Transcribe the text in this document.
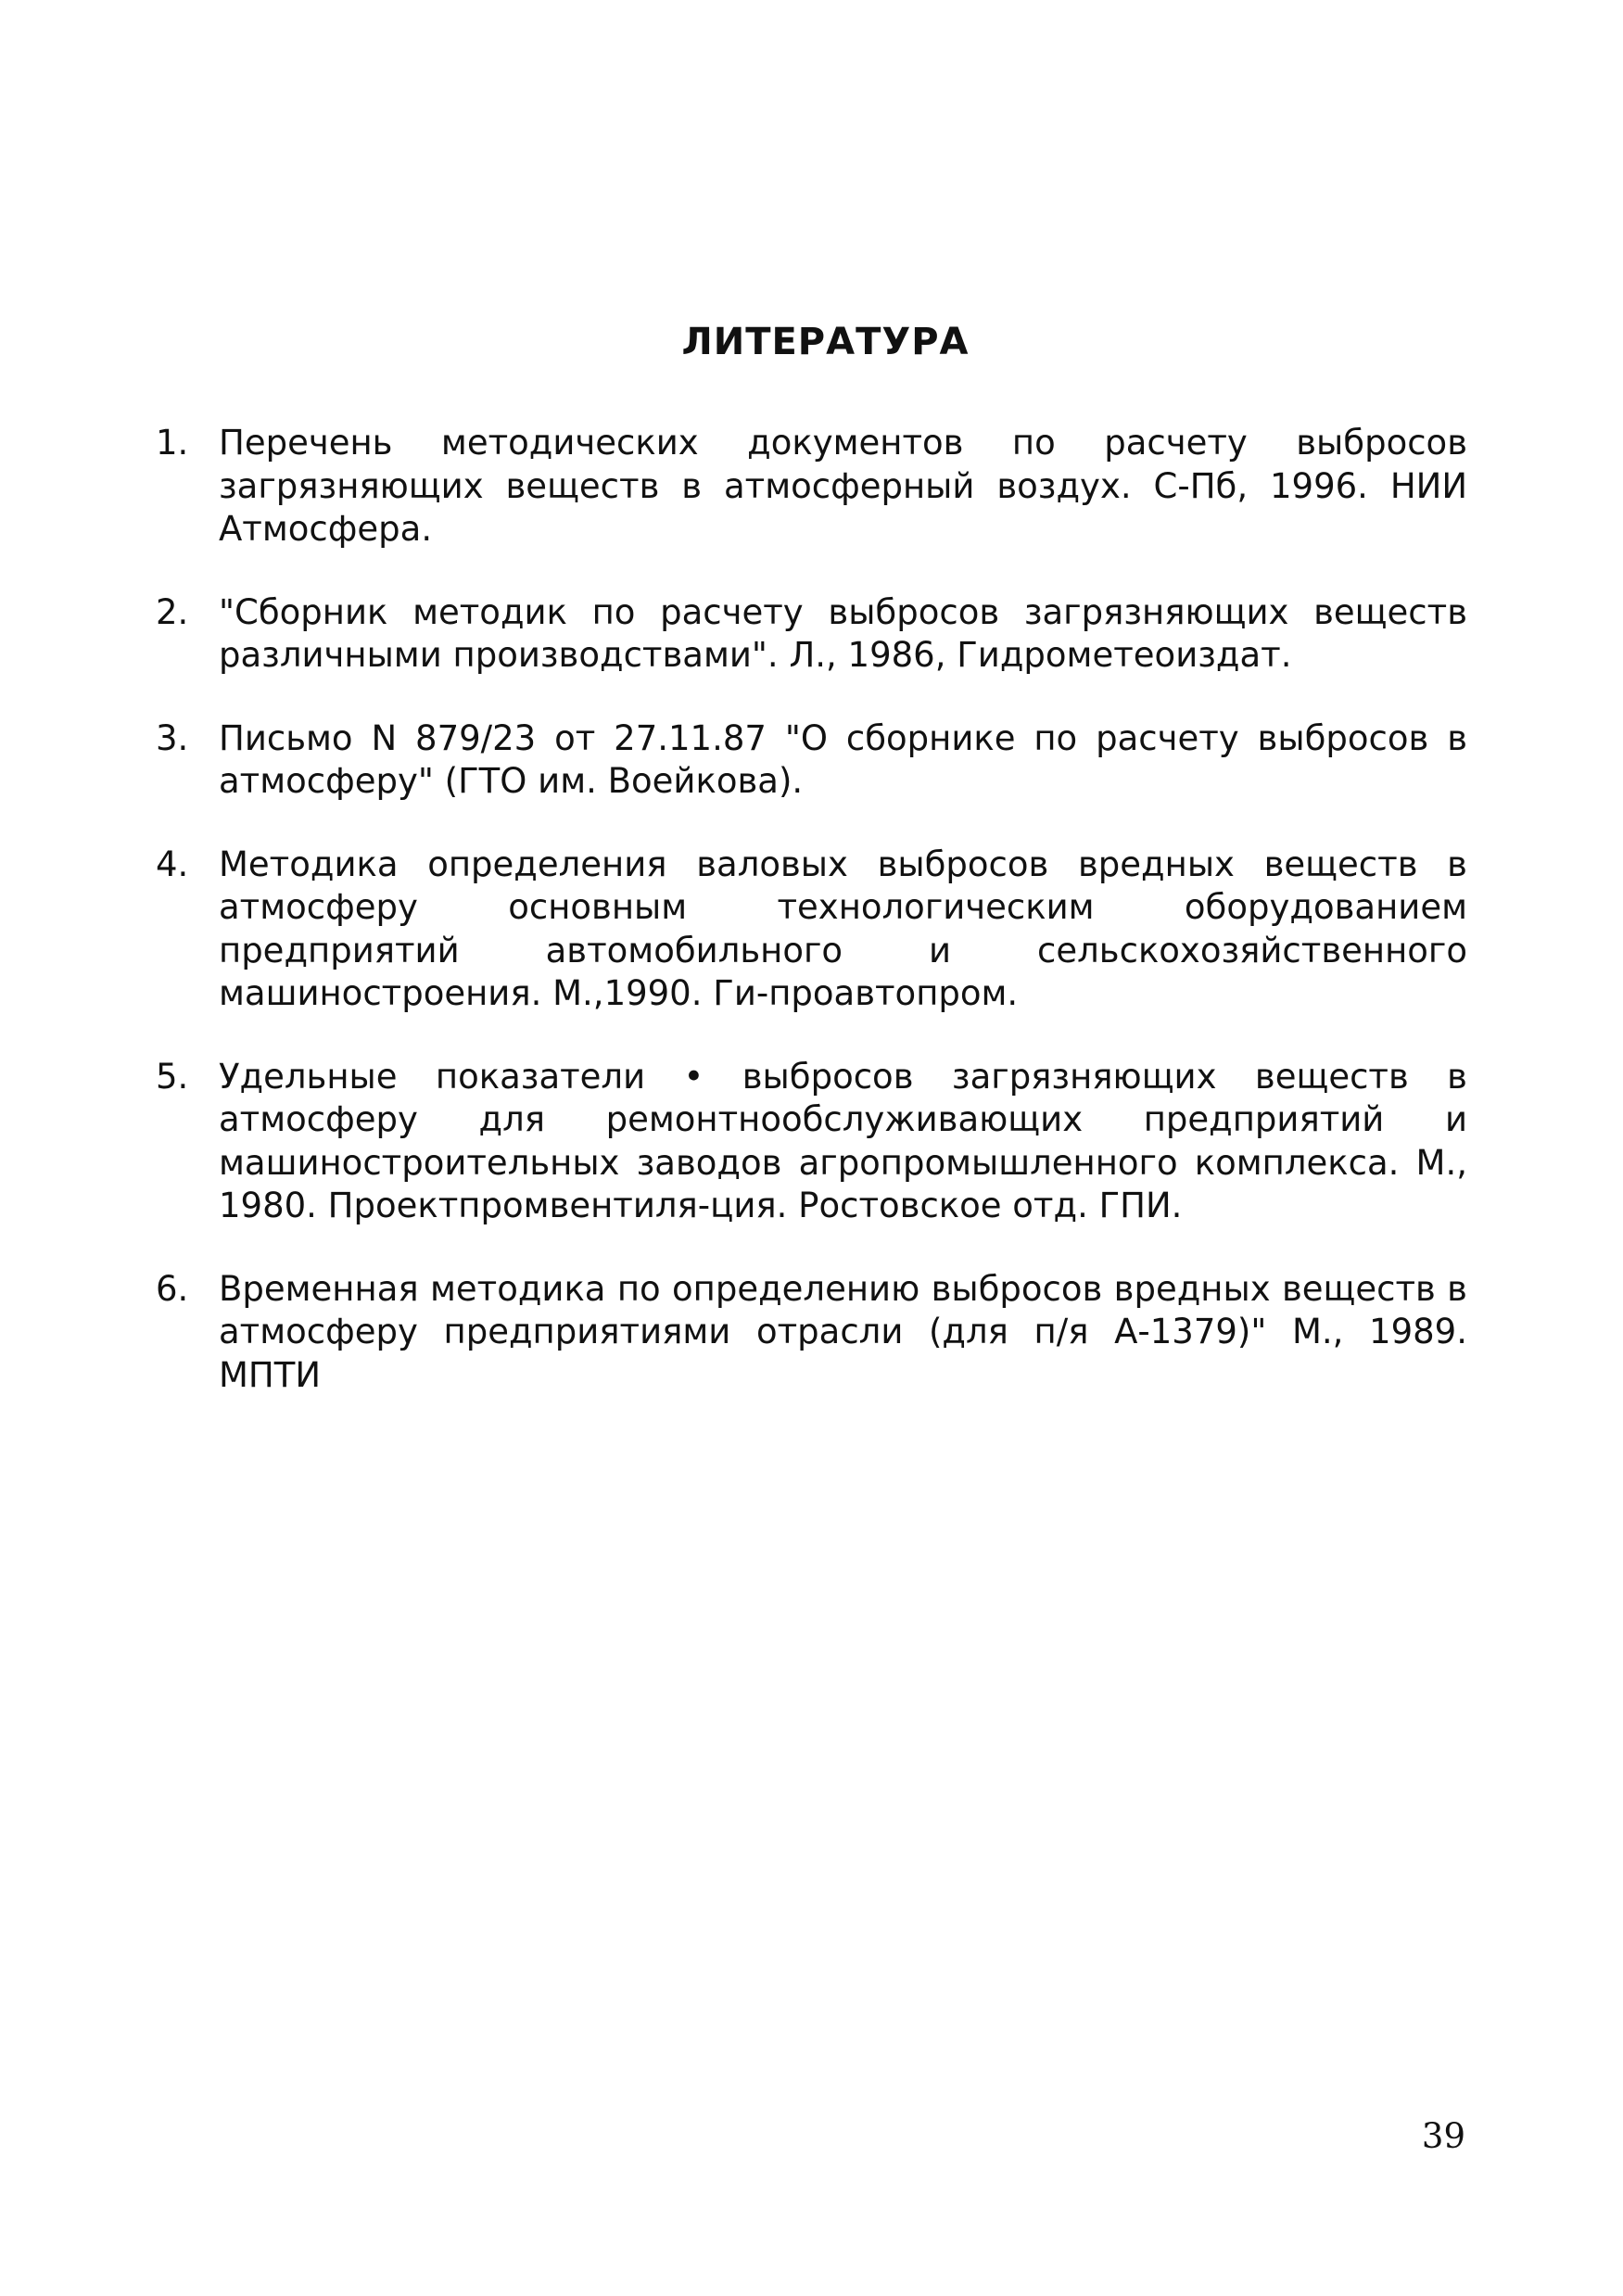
ЛИТЕРАТУРА
1. Перечень методических документов по расчету выбросов загрязняющих веществ в атмосферный воздух. С-Пб, 1996. НИИ Атмосфера.
2. "Сборник методик по расчету выбросов загрязняющих веществ различными производствами". Л., 1986, Гидрометеоиздат.
3. Письмо N 879/23 от 27.11.87 "О сборнике по расчету выбросов в атмосферу" (ГТО им. Воейкова).
4. Методика определения валовых выбросов вредных веществ в атмосферу основным технологическим оборудованием предприятий автомобильного и сельскохозяйственного машиностроения. М.,1990. Ги-проавтопром.
5. Удельные показатели • выбросов загрязняющих веществ в атмосферу для ремонтнообслуживающих предприятий и машиностроительных заводов агропромышленного комплекса. М., 1980. Проектпромвентиля-ция. Ростовское отд. ГПИ.
6. Временная методика по определению выбросов вредных веществ в атмосферу предприятиями отрасли (для п/я А-1379)" М., 1989. МПТИ
39
